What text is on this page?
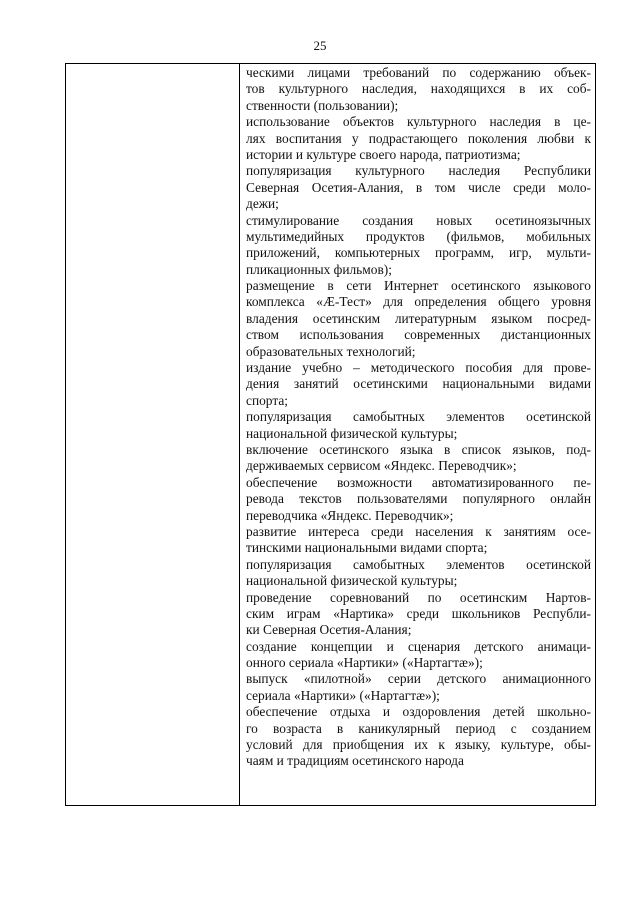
25
ческими лицами требований по содержанию объек-
тов культурного наследия, находящихся в их соб-
ственности (пользовании);
использование объектов культурного наследия в це-
лях воспитания у подрастающего поколения любви к
истории и культуре своего народа, патриотизма;
популяризация культурного наследия Республики
Северная Осетия-Алания, в том числе среди моло-
дежи;
стимулирование создания новых осетиноязычных
мультимедийных продуктов (фильмов, мобильных
приложений, компьютерных программ, игр, мульти-
пликационных фильмов);
размещение в сети Интернет осетинского языкового
комплекса «Æ-Тест» для определения общего уровня
владения осетинским литературным языком посред-
ством использования современных дистанционных
образовательных технологий;
издание учебно – методического пособия для прове-
дения занятий осетинскими национальными видами
спорта;
популяризация самобытных элементов осетинской
национальной физической культуры;
включение осетинского языка в список языков, под-
держиваемых сервисом «Яндекс. Переводчик»;
обеспечение возможности автоматизированного пе-
ревода текстов пользователями популярного онлайн
переводчика «Яндекс. Переводчик»;
развитие интереса среди населения к занятиям осе-
тинскими национальными видами спорта;
популяризация самобытных элементов осетинской
национальной физической культуры;
проведение соревнований по осетинским Нартов-
ским играм «Нартика» среди школьников Республи-
ки Северная Осетия-Алания;
создание концепции и сценария детского анимаци-
онного сериала «Нартики» («Нартагтæ»);
выпуск «пилотной» серии детского анимационного
сериала «Нартики» («Нартагтæ»);
обеспечение отдыха и оздоровления детей школьно-
го возраста в каникулярный период с созданием
условий для приобщения их к языку, культуре, обы-
чаям и традициям осетинского народа
